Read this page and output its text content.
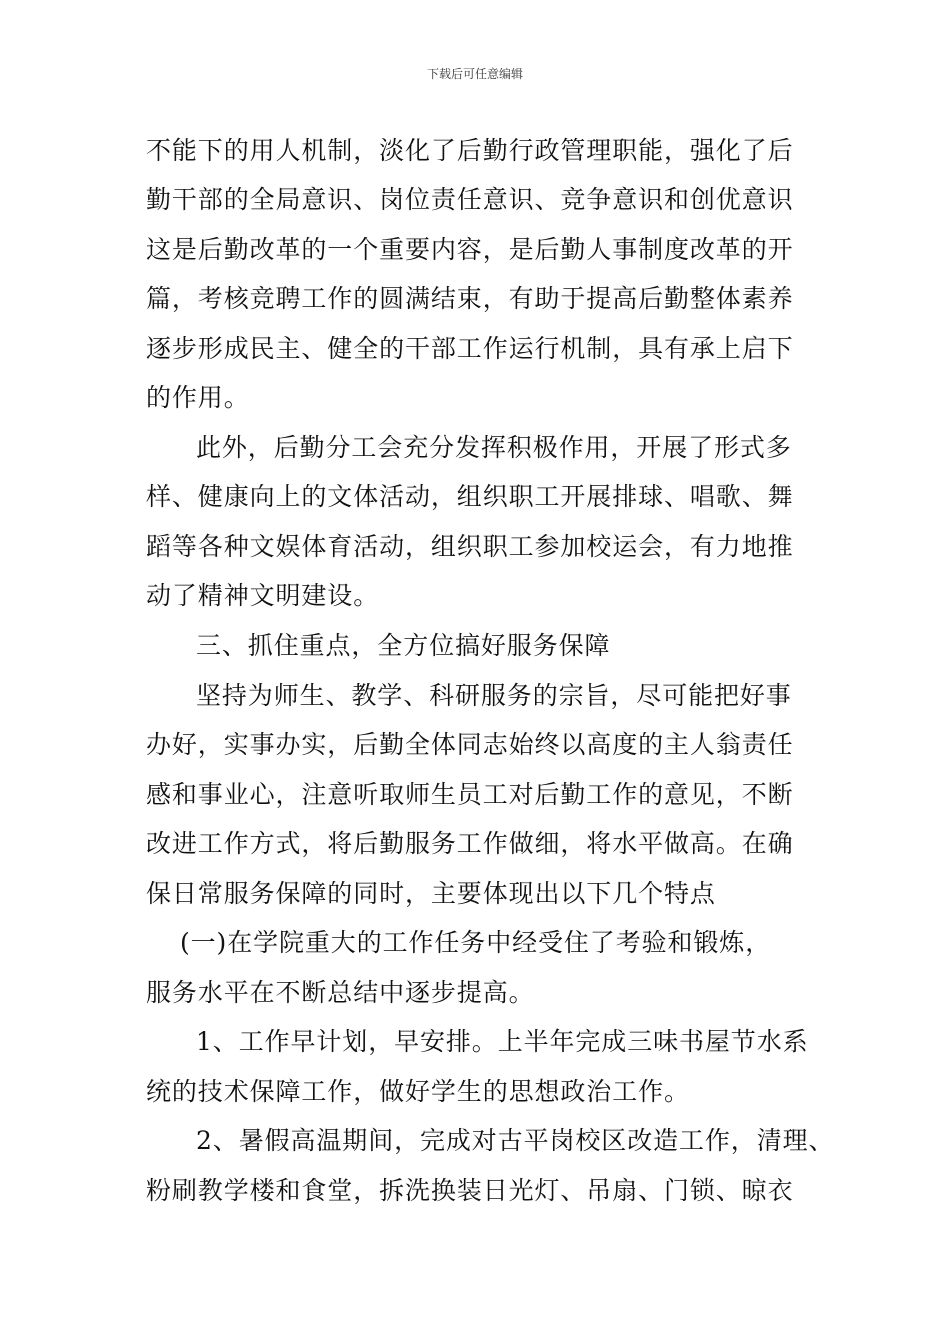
下载后可任意编辑
不能下的用人机制，淡化了后勤行政管理职能，强化了后
勤干部的全局意识、岗位责任意识、竞争意识和创优意识
这是后勤改革的一个重要内容，是后勤人事制度改革的开
篇，考核竞聘工作的圆满结束，有助于提高后勤整体素养
逐步形成民主、健全的干部工作运行机制，具有承上启下
的作用。
此外，后勤分工会充分发挥积极作用，开展了形式多
样、健康向上的文体活动，组织职工开展排球、唱歌、舞
蹈等各种文娱体育活动，组织职工参加校运会，有力地推
动了精神文明建设。
三、抓住重点，全方位搞好服务保障
坚持为师生、教学、科研服务的宗旨，尽可能把好事
办好，实事办实，后勤全体同志始终以高度的主人翁责任
感和事业心，注意听取师生员工对后勤工作的意见，不断
改进工作方式，将后勤服务工作做细，将水平做高。在确
保日常服务保障的同时，主要体现出以下几个特点
(一)在学院重大的工作任务中经受住了考验和锻炼，
服务水平在不断总结中逐步提高。
1、工作早计划，早安排。上半年完成三味书屋节水系
统的技术保障工作，做好学生的思想政治工作。
2、暑假高温期间，完成对古平岗校区改造工作，清理、
粉刷教学楼和食堂，拆洗换装日光灯、吊扇、门锁、晾衣
